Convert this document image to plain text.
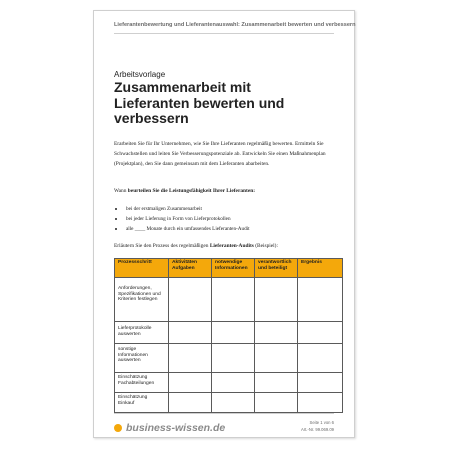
Lieferantenbewertung und Lieferantenauswahl: Zusammenarbeit bewerten und verbessern
Arbeitsvorlage
Zusammenarbeit mit
Lieferanten bewerten und
verbessern

Erarbeiten Sie für Ihr Unternehmen, wie Sie Ihre Lieferanten regelmäßig bewerten. Ermitteln Sie Schwachstellen und leiten Sie Verbesserungspotenziale ab. Entwickeln Sie einen Maßnahmenplan (Projektplan), den Sie dann gemeinsam mit dem Lieferanten abarbeiten.

Wann beurteilen Sie die Leistungsfähigkeit Ihrer Lieferanten:
bei der erstmaligen Zusammenarbeit
bei jeder Lieferung in Form von Lieferprotokollen
alle ____ Monate durch ein umfassendes Lieferanten-Audit
Erläutern Sie den Prozess des regelmäßigen Lieferanten-Audits (Beispiel):
Prozessschritt	Aktivitäten Aufgaben	notwendige Informationen	verantwortlich und beteiligt	Ergebnis
Anforderungen, Spezifikationen und Kriterien festlegen				
Lieferprotokolle auswerten				
sonstige Informationen auswerten				
Einschätzung Fachabteilungen				
Einschätzung Einkauf				
business-wissen.de	Seite 1 von 6
Art.-Nr. 99.069.09
